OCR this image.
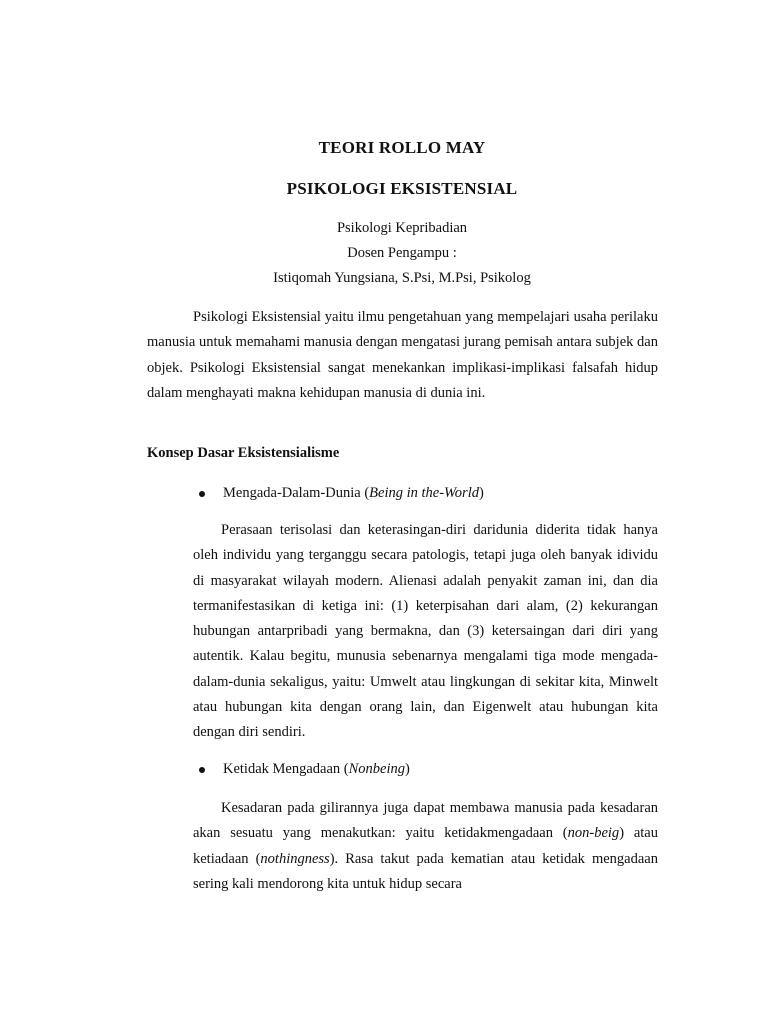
TEORI ROLLO MAY
PSIKOLOGI EKSISTENSIAL
Psikologi Kepribadian
Dosen Pengampu :
Istiqomah Yungsiana, S.Psi, M.Psi, Psikolog

Psikologi Eksistensial yaitu ilmu pengetahuan yang mempelajari usaha perilaku manusia untuk memahami manusia dengan mengatasi jurang pemisah antara subjek dan objek. Psikologi Eksistensial sangat menekankan implikasi-implikasi falsafah hidup dalam menghayati makna kehidupan manusia di dunia ini.

Konsep Dasar Eksistensialisme
Mengada-Dalam-Dunia (Being in the-World)

Perasaan terisolasi dan keterasingan-diri daridunia diderita tidak hanya oleh individu yang terganggu secara patologis, tetapi juga oleh banyak idividu di masyarakat wilayah modern. Alienasi adalah penyakit zaman ini, dan dia termanifestasikan di ketiga ini: (1) keterpisahan dari alam, (2) kekurangan hubungan antarpribadi yang bermakna, dan (3) ketersaingan dari diri yang autentik. Kalau begitu, munusia sebenarnya mengalami tiga mode mengada-dalam-dunia sekaligus, yaitu: Umwelt atau lingkungan di sekitar kita, Minwelt atau hubungan kita dengan orang lain, dan Eigenwelt atau hubungan kita dengan diri sendiri.

Ketidak Mengadaan (Nonbeing)

Kesadaran pada gilirannya juga dapat membawa manusia pada kesadaran akan sesuatu yang menakutkan: yaitu ketidakmengadaan (non-beig) atau ketiadaan (nothingness). Rasa takut pada kematian atau ketidak mengadaan sering kali mendorong kita untuk hidup secara
